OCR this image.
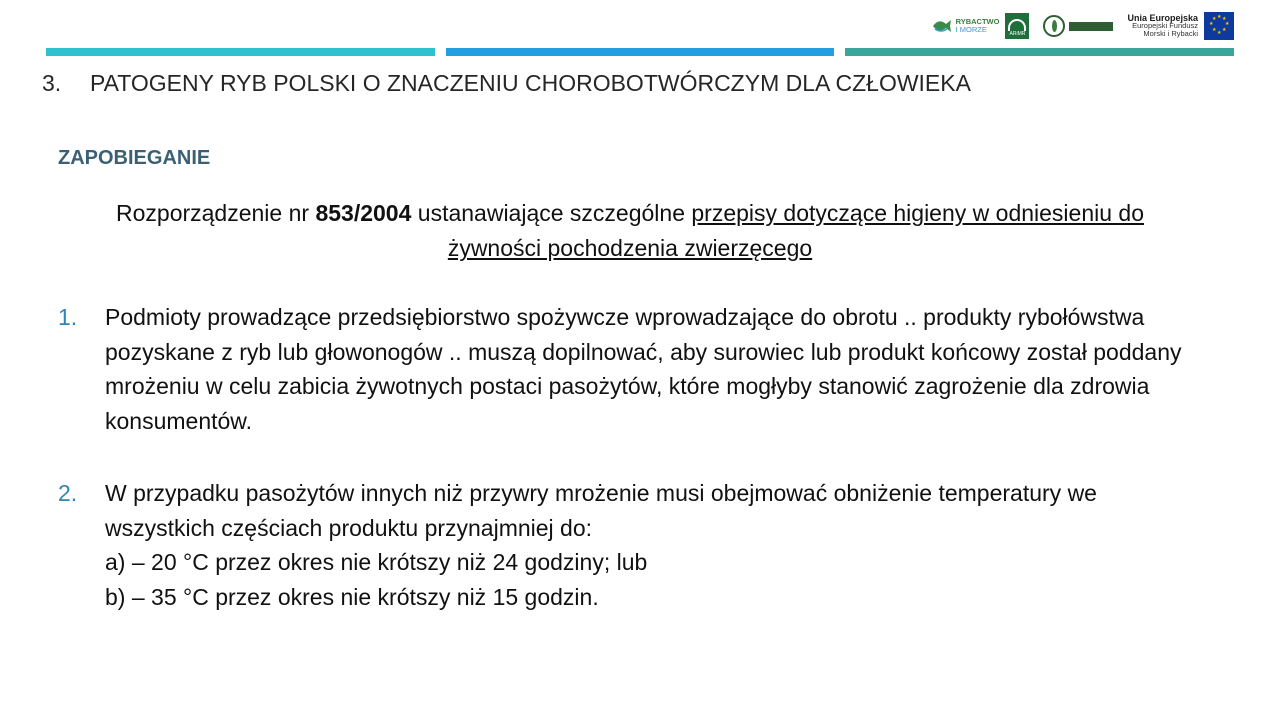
RYBACTWO
I MORZE	ARiMR
Unia Europejska
Europejski Fundusz
Morski i Rybacki
★ ★
★
★
★
★
★
★
3. PATOGENY RYB POLSKI O ZNACZENIU CHOROBOTWÓRCZYM DLA CZŁOWIEKA
ZAPOBIEGANIE
Rozporządzenie nr 853/2004 ustanawiające szczególne przepisy dotyczące higieny w odniesieniu do żywności pochodzenia zwierzęcego
1. Podmioty prowadzące przedsiębiorstwo spożywcze wprowadzające do obrotu .. produkty rybołówstwa pozyskane z ryb lub głowonogów .. muszą dopilnować, aby surowiec lub produkt końcowy został poddany mrożeniu w celu zabicia żywotnych postaci pasożytów, które mogłyby stanowić zagrożenie dla zdrowia konsumentów.
2. W przypadku pasożytów innych niż przywry mrożenie musi obejmować obniżenie temperatury we wszystkich częściach produktu przynajmniej do:
a) – 20 °C przez okres nie krótszy niż 24 godziny; lub
b) – 35 °C przez okres nie krótszy niż 15 godzin.
